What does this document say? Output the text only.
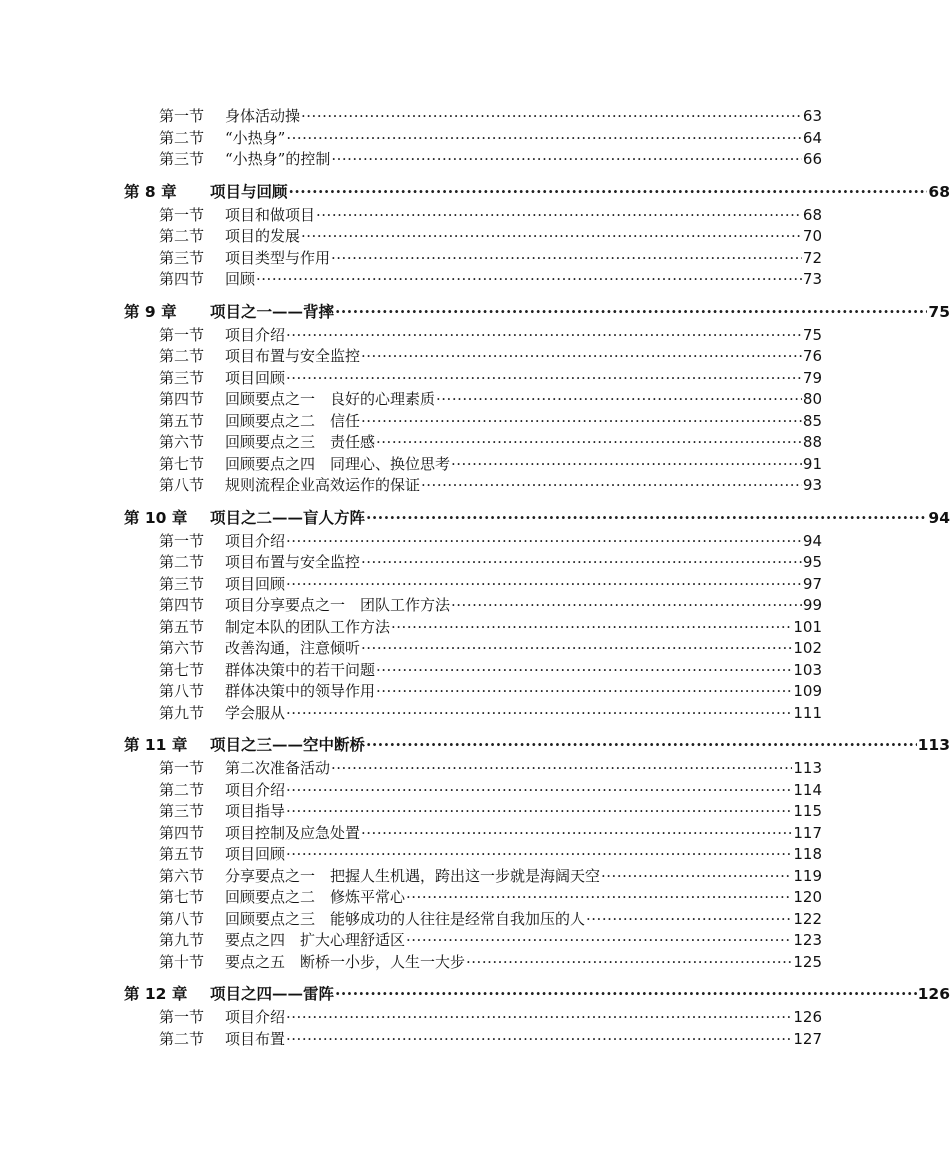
第一节	身体活动操 ·····	63
第二节	“小热身” ·····	64
第三节	“小热身”的控制 ·····	66
第 8 章	项目与回顾 ·····	68
第一节	项目和做项目 ·····	68
第二节	项目的发展 ·····	70
第三节	项目类型与作用 ·····	72
第四节	回顾 ·····	73
第 9 章	项目之一——背摔 ·····	75
第一节	项目介绍 ·····	75
第二节	项目布置与安全监控 ·····	76
第三节	项目回顾 ·····	79
第四节	回顾要点之一　良好的心理素质 ·····	80
第五节	回顾要点之二　信任 ·····	85
第六节	回顾要点之三　责任感 ·····	88
第七节	回顾要点之四　同理心、换位思考 ·····	91
第八节	规则流程企业高效运作的保证 ·····	93
第 10 章	项目之二——盲人方阵 ·····	94
第一节	项目介绍 ·····	94
第二节	项目布置与安全监控 ·····	95
第三节	项目回顾 ·····	97
第四节	项目分享要点之一　团队工作方法 ·····	99
第五节	制定本队的团队工作方法 ·····	101
第六节	改善沟通，注意倾听 ·····	102
第七节	群体决策中的若干问题 ·····	103
第八节	群体决策中的领导作用 ·····	109
第九节	学会服从 ·····	111
第 11 章	项目之三——空中断桥 ·····	113
第一节	第二次准备活动 ·····	113
第二节	项目介绍 ·····	114
第三节	项目指导 ·····	115
第四节	项目控制及应急处置 ·····	117
第五节	项目回顾 ·····	118
第六节	分享要点之一　把握人生机遇，跨出这一步就是海阔天空 ·····	119
第七节	回顾要点之二　修炼平常心 ·····	120
第八节	回顾要点之三　能够成功的人往往是经常自我加压的人 ·····	122
第九节	要点之四　扩大心理舒适区 ·····	123
第十节	要点之五　断桥一小步，人生一大步 ·····	125
第 12 章	项目之四——雷阵 ·····	126
第一节	项目介绍 ·····	126
第二节	项目布置 ·····	127
